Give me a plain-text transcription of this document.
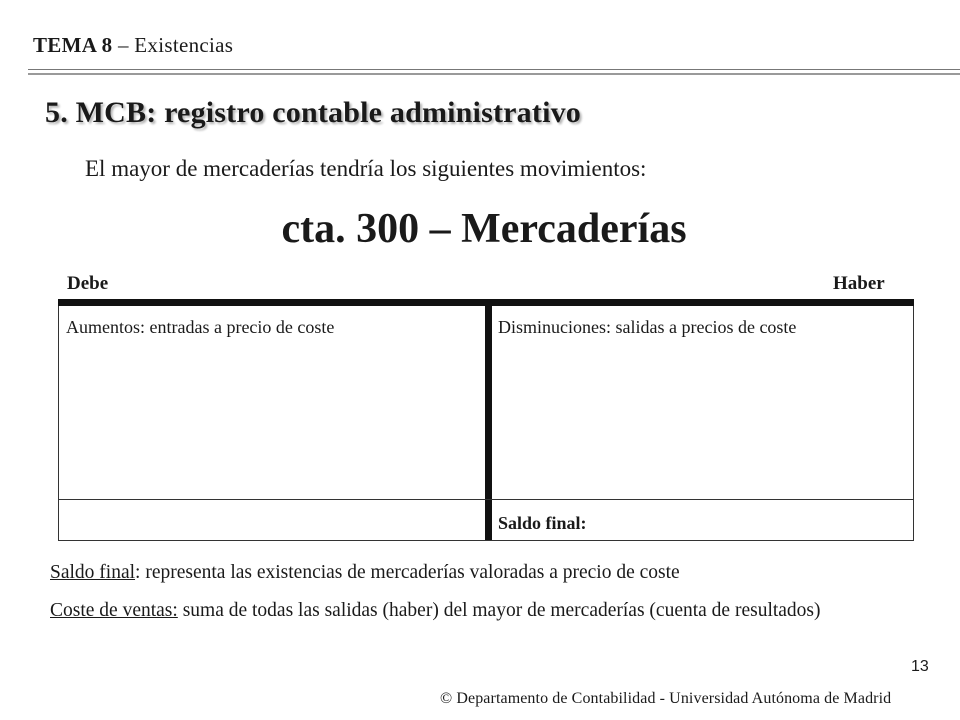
TEMA 8 – Existencias
5. MCB: registro contable administrativo
El mayor de mercaderías tendría los siguientes movimientos:
cta. 300 – Mercaderías
Debe	Haber
Aumentos: entradas a precio de coste	Disminuciones: salidas a precios de coste
Saldo final:
Saldo final: representa las existencias de mercaderías valoradas a precio de coste
Coste de ventas: suma de todas las salidas (haber) del mayor de mercaderías (cuenta de resultados)
13
© Departamento de Contabilidad - Universidad Autónoma de Madrid
